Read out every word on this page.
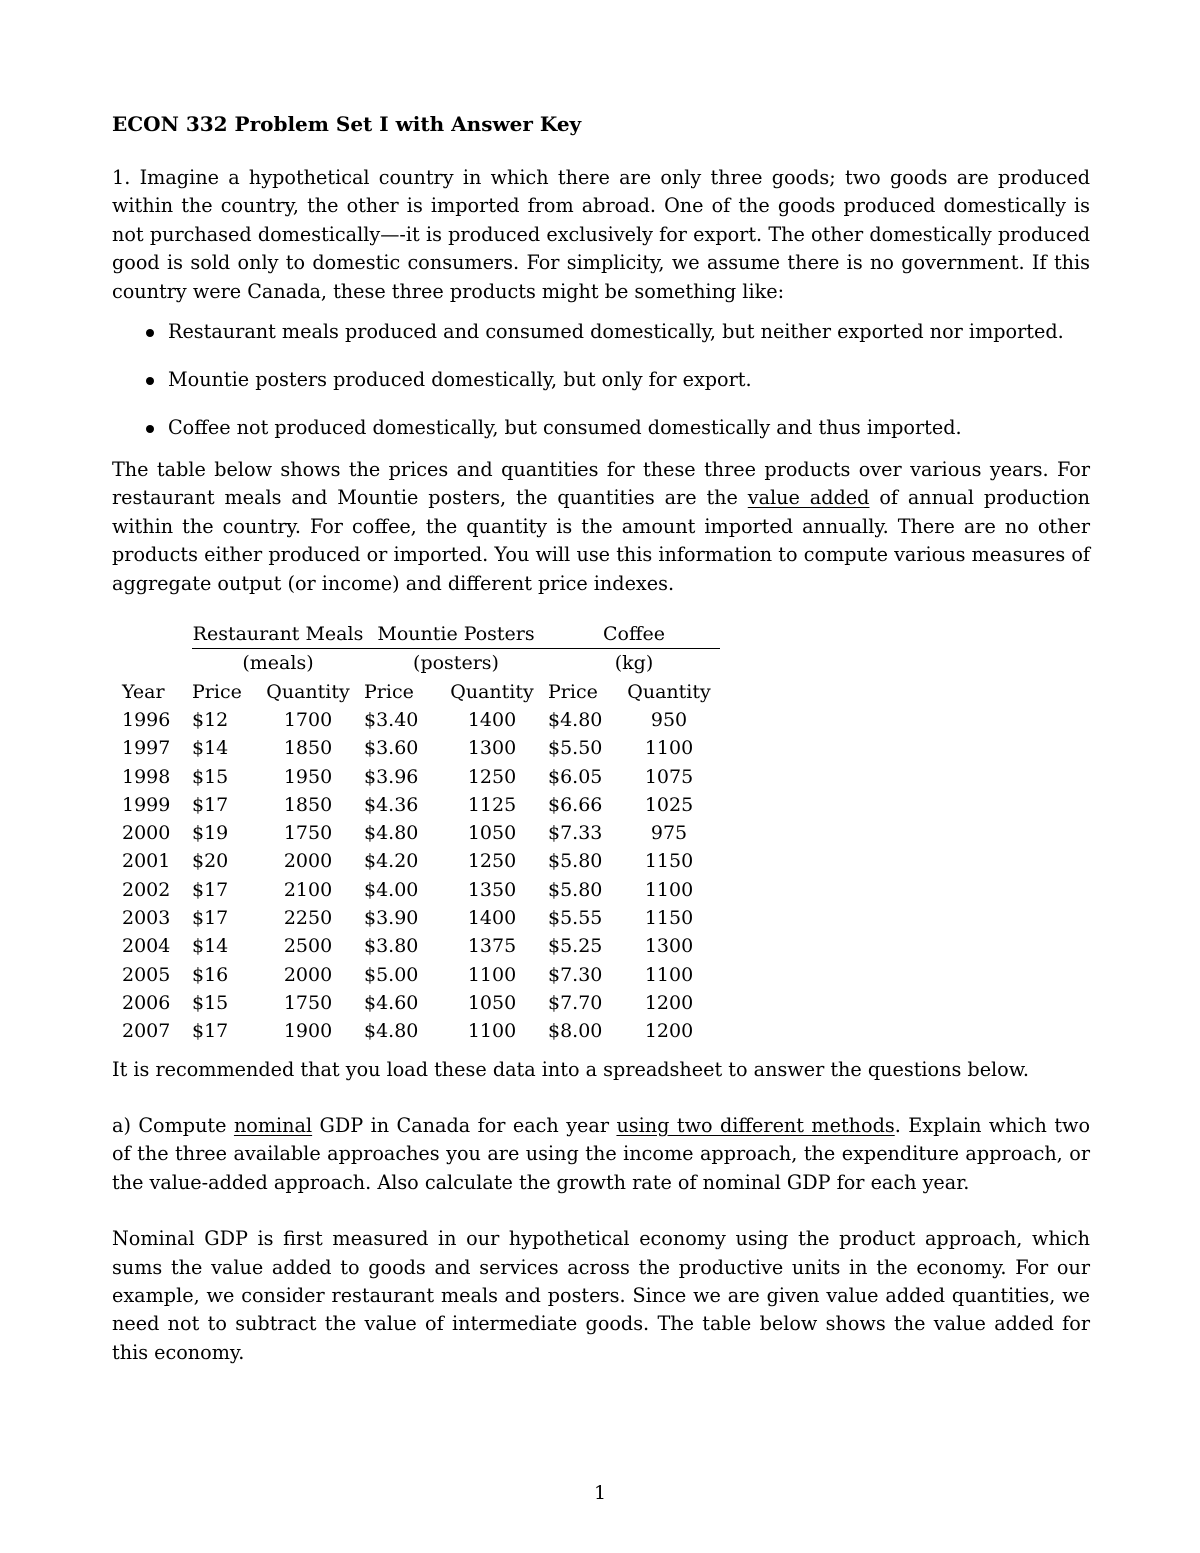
ECON 332 Problem Set I with Answer Key

1. Imagine a hypothetical country in which there are only three goods; two goods are produced within the country, the other is imported from abroad. One of the goods produced domestically is not purchased domestically—-it is produced exclusively for export. The other domestically produced good is sold only to domestic consumers. For simplicity, we assume there is no government. If this country were Canada, these three products might be something like:

Restaurant meals produced and consumed domestically, but neither exported nor imported.
Mountie posters produced domestically, but only for export.
Coffee not produced domestically, but consumed domestically and thus imported.

The table below shows the prices and quantities for these three products over various years. For restaurant meals and Mountie posters, the quantities are the value added of annual production within the country. For coffee, the quantity is the amount imported annually. There are no other products either produced or imported. You will use this information to compute various measures of aggregate output (or income) and different price indexes.

	Restaurant Meals		Mountie Posters		Coffee	
	(meals)		(posters)		(kg)	
Year	Price	Quantity	Price	Quantity	Price	Quantity
1996	$12	1700	$3.40	1400	$4.80	950
1997	$14	1850	$3.60	1300	$5.50	1100
1998	$15	1950	$3.96	1250	$6.05	1075
1999	$17	1850	$4.36	1125	$6.66	1025
2000	$19	1750	$4.80	1050	$7.33	975
2001	$20	2000	$4.20	1250	$5.80	1150
2002	$17	2100	$4.00	1350	$5.80	1100
2003	$17	2250	$3.90	1400	$5.55	1150
2004	$14	2500	$3.80	1375	$5.25	1300
2005	$16	2000	$5.00	1100	$7.30	1100
2006	$15	1750	$4.60	1050	$7.70	1200
2007	$17	1900	$4.80	1100	$8.00	1200

It is recommended that you load these data into a spreadsheet to answer the questions below.

a) Compute nominal GDP in Canada for each year using two different methods. Explain which two of the three available approaches you are using the income approach, the expenditure approach, or the value-added approach. Also calculate the growth rate of nominal GDP for each year.

Nominal GDP is first measured in our hypothetical economy using the product approach, which sums the value added to goods and services across the productive units in the economy. For our example, we consider restaurant meals and posters. Since we are given value added quantities, we need not to subtract the value of intermediate goods. The table below shows the value added for this economy.

1
